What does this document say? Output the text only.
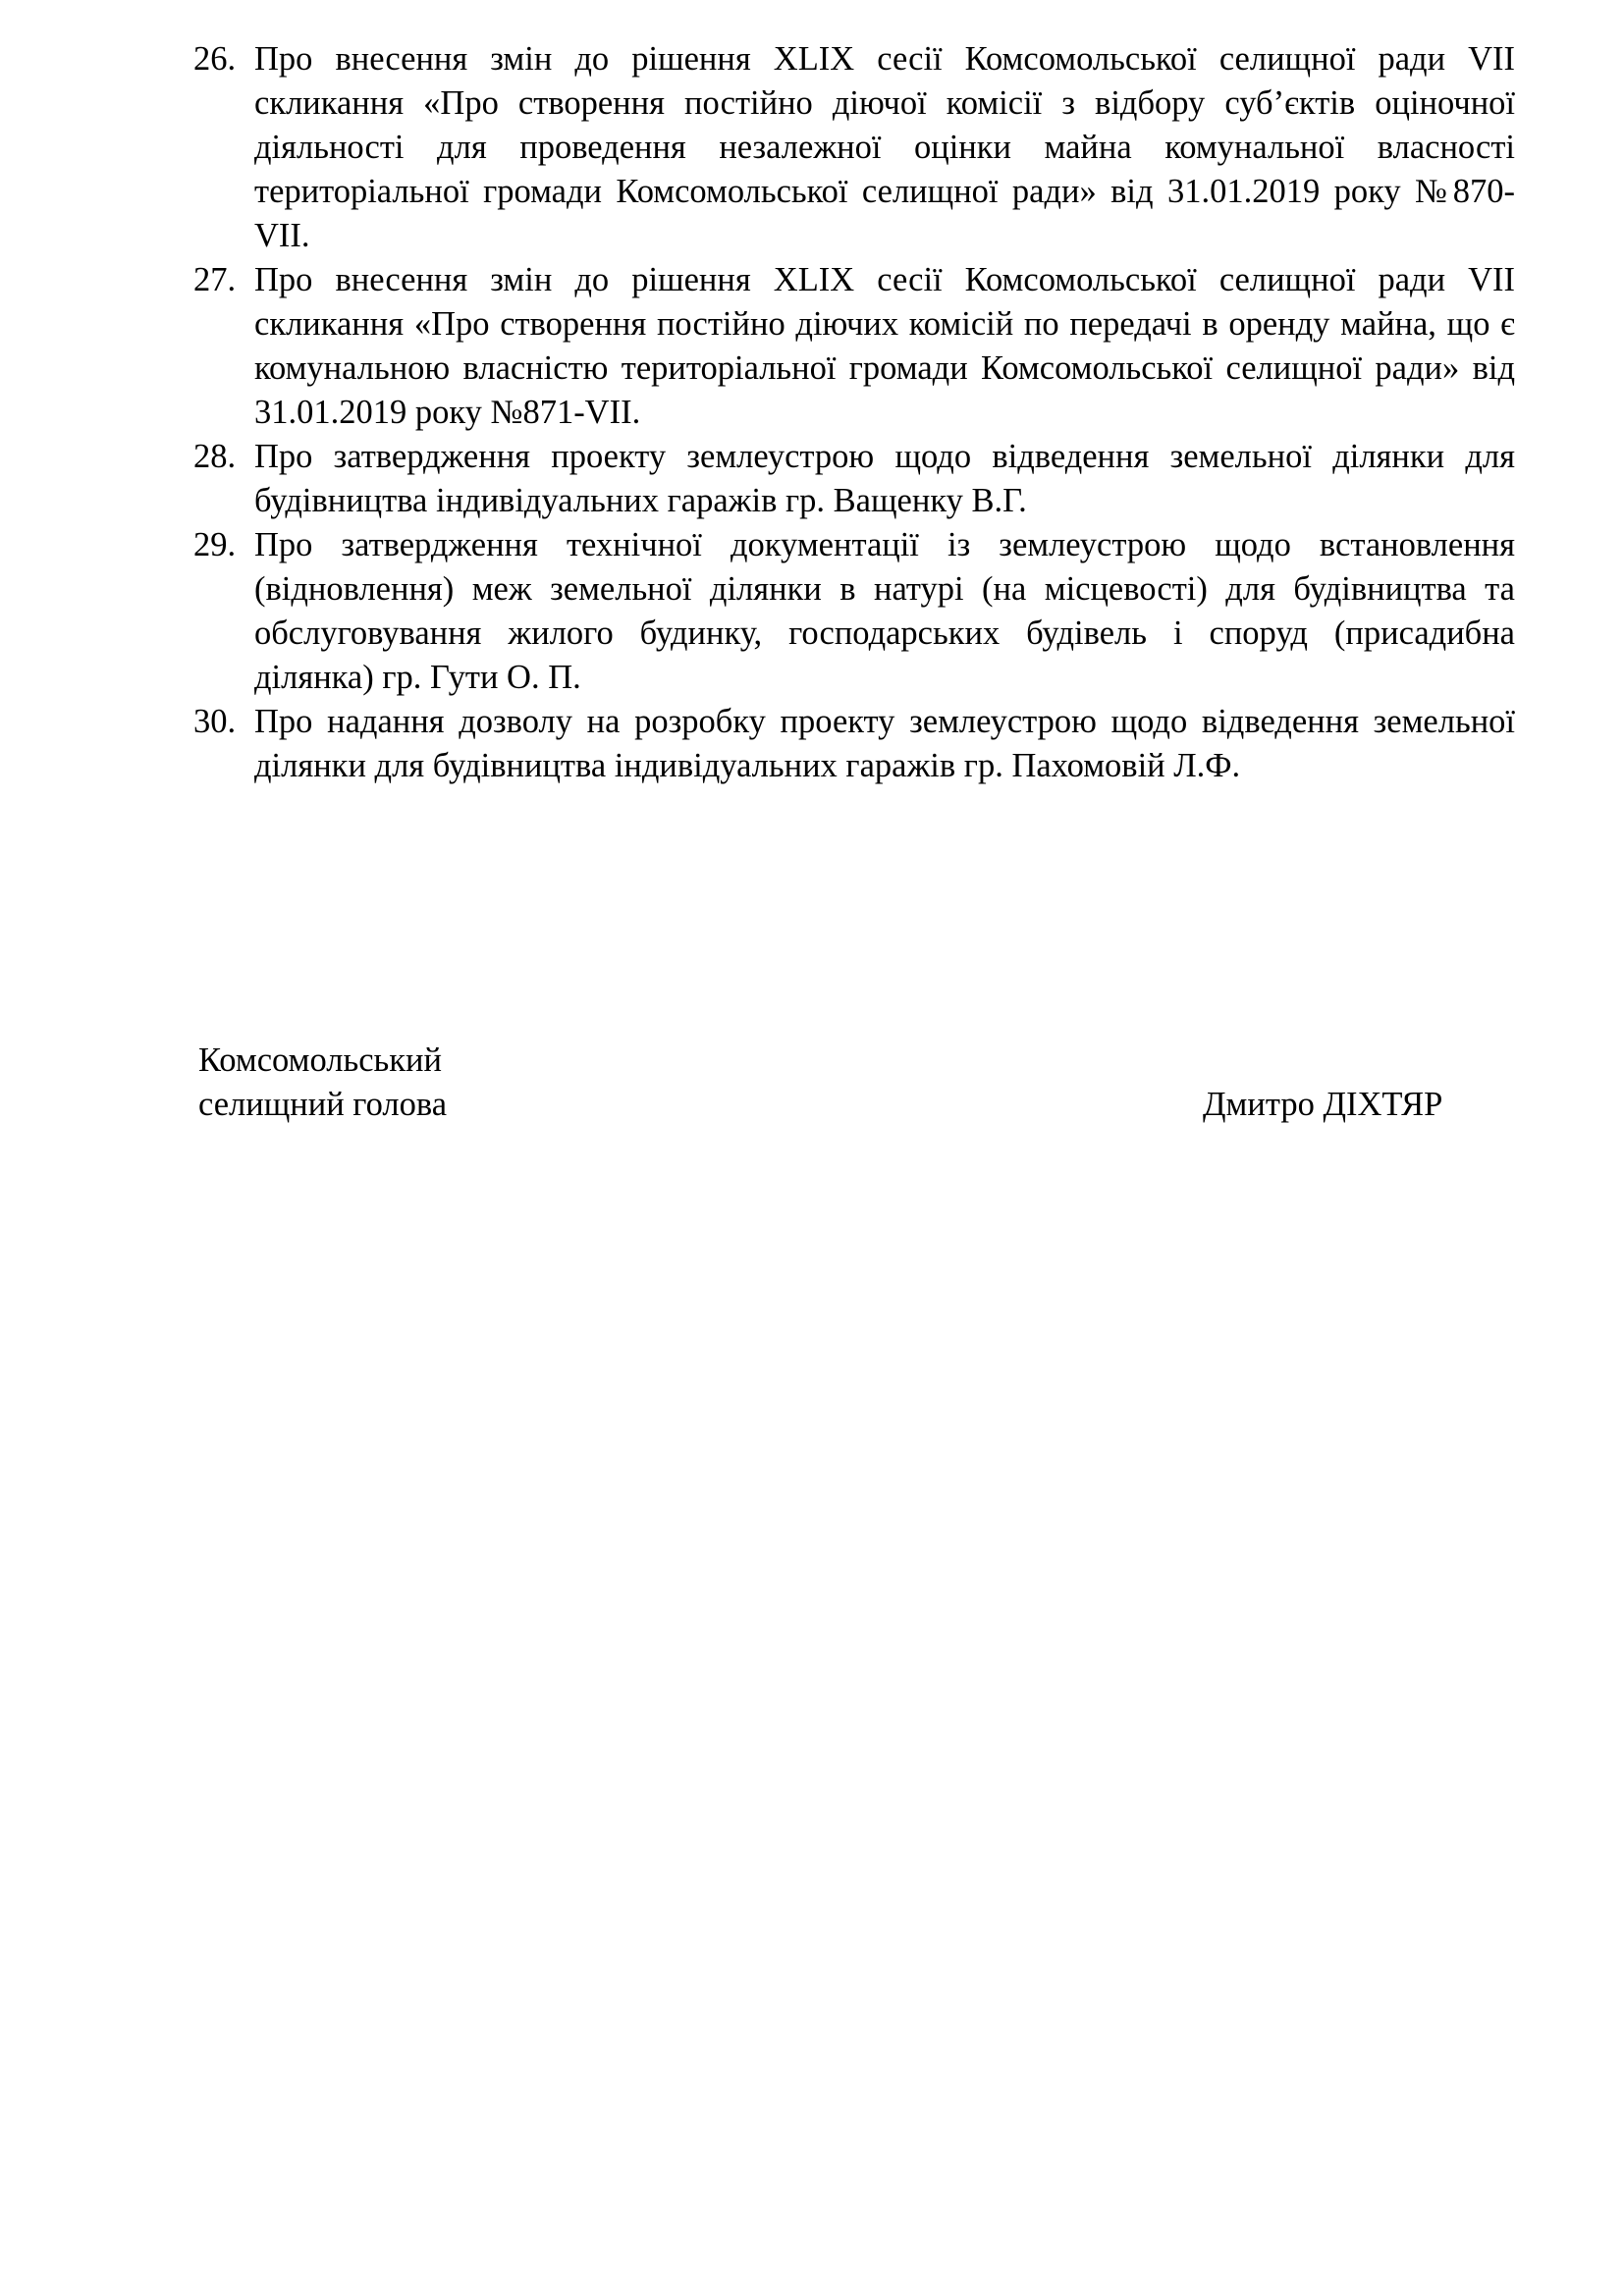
26. Про внесення змін до рішення XLIX сесії Комсомольської селищної ради VII скликання «Про створення постійно діючої комісії з відбору суб’єктів оціночної діяльності для проведення незалежної оцінки майна комунальної власності територіальної громади Комсомольської селищної ради» від 31.01.2019 року №870-VII.
27. Про внесення змін до рішення XLIX сесії Комсомольської селищної ради VII скликання «Про створення постійно діючих комісій по передачі в оренду майна, що є комунальною власністю територіальної громади Комсомольської селищної ради» від 31.01.2019 року №871-VII.
28. Про затвердження проекту землеустрою щодо відведення земельної ділянки для будівництва індивідуальних гаражів гр. Ващенку В.Г.
29. Про затвердження технічної документації із землеустрою щодо встановлення (відновлення) меж земельної ділянки в натурі (на місцевості) для будівництва та обслуговування жилого будинку, господарських будівель і споруд (присадибна ділянка) гр. Гути О. П.
30. Про надання дозволу на розробку проекту землеустрою щодо відведення земельної ділянки для будівництва індивідуальних гаражів гр. Пахомовій Л.Ф.
Комсомольський
селищний голова	Дмитро ДІХТЯР
